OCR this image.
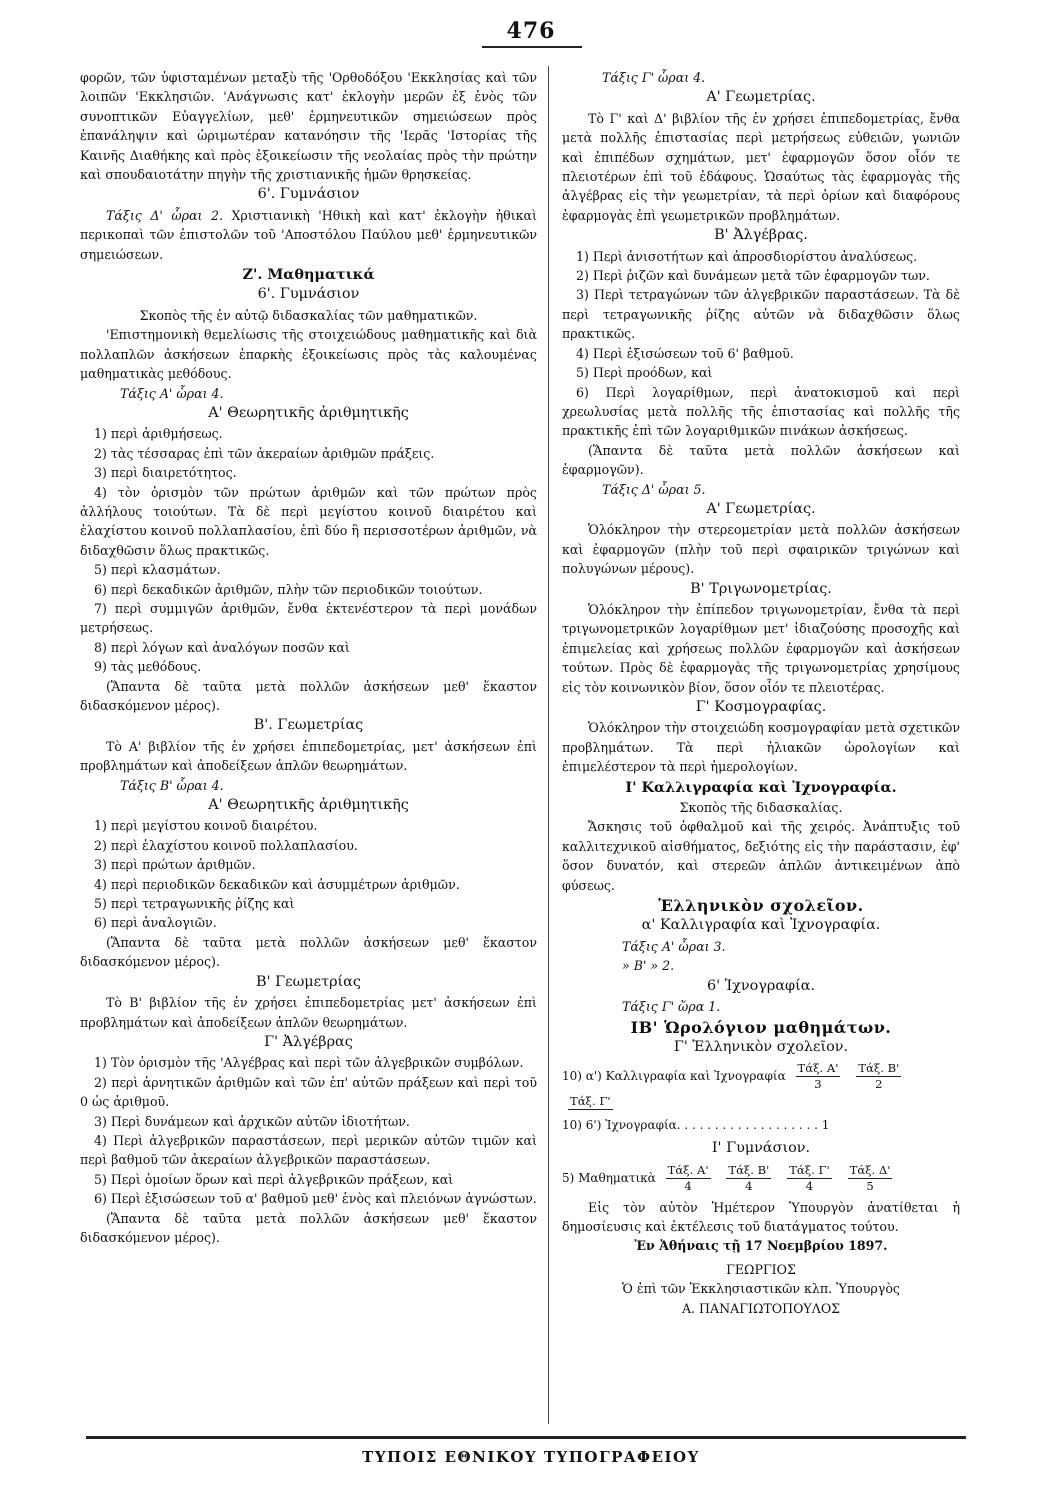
476

φορῶν, τῶν ὑφισταμένων μεταξὺ τῆς 'Ορθοδόξου 'Εκκλησίας καὶ τῶν λοιπῶν 'Εκκλησιῶν. 'Ανάγνωσις κατ' ἐκλογὴν μερῶν ἐξ ἑνὸς τῶν συνοπτικῶν Εὐαγγελίων, μεθ' ἑρμηνευτικῶν σημειώσεων πρὸς ἐπανάληψιν καὶ ὡριμωτέραν κατανόησιν τῆς 'Ιερᾶς 'Ιστορίας τῆς Καινῆς Διαθήκης καὶ πρὸς ἐξοικείωσιν τῆς νεολαίας πρὸς τὴν πρώτην καὶ σπουδαιοτάτην πηγὴν τῆς χριστιανικῆς ἡμῶν θρησκείας.

6'. Γυμνάσιον

Τάξις Δ' ὧραι 2. Χριστιανικὴ 'Ηθικὴ καὶ κατ' ἐκλογὴν ἠθικαὶ περικοπαὶ τῶν ἐπιστολῶν τοῦ 'Αποστόλου Παύλου μεθ' ἑρμηνευτικῶν σημειώσεων.

Ζ'. Μαθηματικά
6'. Γυμνάσιον

Σκοπὸς τῆς ἐν αὐτῷ διδασκαλίας τῶν μαθηματικῶν.

'Επιστημονικὴ θεμελίωσις τῆς στοιχειώδους μαθηματικῆς καὶ διὰ πολλαπλῶν ἀσκήσεων ἐπαρκὴς ἐξοικείωσις πρὸς τὰς καλουμένας μαθηματικὰς μεθόδους.

Τάξις Α' ὧραι 4.

Α' Θεωρητικῆς ἀριθμητικῆς

1) περὶ ἀριθμήσεως.

2) τὰς τέσσαρας ἐπὶ τῶν ἀκεραίων ἀριθμῶν πράξεις.

3) περὶ διαιρετότητος.

4) τὸν ὁρισμὸν τῶν πρώτων ἀριθμῶν καὶ τῶν πρώτων πρὸς ἀλλήλους τοιούτων. Τὰ δὲ περὶ μεγίστου κοινοῦ διαιρέτου καὶ ἐλαχίστου κοινοῦ πολλαπλασίου, ἐπὶ δύο ἢ περισσοτέρων ἀριθμῶν, νὰ διδαχθῶσιν ὅλως πρακτικῶς.

5) περὶ κλασμάτων.

6) περὶ δεκαδικῶν ἀριθμῶν, πλὴν τῶν περιοδικῶν τοιούτων.

7) περὶ συμμιγῶν ἀριθμῶν, ἔνθα ἐκτενέστερον τὰ περὶ μονάδων μετρήσεως.

8) περὶ λόγων καὶ ἀναλόγων ποσῶν καὶ

9) τὰς μεθόδους.

(Ἅπαντα δὲ ταῦτα μετὰ πολλῶν ἀσκήσεων μεθ' ἕκαστον διδασκόμενον μέρος).

Β'. Γεωμετρίας

Τὸ Α' βιβλίον τῆς ἐν χρήσει ἐπιπεδομετρίας, μετ' ἀσκήσεων ἐπὶ προβλημάτων καὶ ἀποδείξεων ἁπλῶν θεωρημάτων.

Τάξις Β' ὧραι 4.

Α' Θεωρητικῆς ἀριθμητικῆς

1) περὶ μεγίστου κοινοῦ διαιρέτου.

2) περὶ ἐλαχίστου κοινοῦ πολλαπλασίου.

3) περὶ πρώτων ἀριθμῶν.

4) περὶ περιοδικῶν δεκαδικῶν καὶ ἀσυμμέτρων ἀριθμῶν.

5) περὶ τετραγωνικῆς ῥίζης καὶ

6) περὶ ἀναλογιῶν.

(Ἅπαντα δὲ ταῦτα μετὰ πολλῶν ἀσκήσεων μεθ' ἕκαστον διδασκόμενον μέρος).

Β' Γεωμετρίας

Τὸ Β' βιβλίον τῆς ἐν χρήσει ἐπιπεδομετρίας μετ' ἀσκήσεων ἐπὶ προβλημάτων καὶ ἀποδείξεων ἁπλῶν θεωρημάτων.

Γ' Ἀλγέβρας

1) Τὸν ὁρισμὸν τῆς 'Αλγέβρας καὶ περὶ τῶν ἀλγεβρικῶν συμβόλων.

2) περὶ ἀρνητικῶν ἀριθμῶν καὶ τῶν ἐπ' αὐτῶν πράξεων καὶ περὶ τοῦ 0 ὡς ἀριθμοῦ.

3) Περὶ δυνάμεων καὶ ἀρχικῶν αὐτῶν ἰδιοτήτων.

4) Περὶ ἀλγεβρικῶν παραστάσεων, περὶ μερικῶν αὐτῶν τιμῶν καὶ περὶ βαθμοῦ τῶν ἀκεραίων ἀλγεβρικῶν παραστάσεων.

5) Περὶ ὁμοίων ὅρων καὶ περὶ ἀλγεβρικῶν πράξεων, καὶ

6) Περὶ ἐξισώσεων τοῦ α' βαθμοῦ μεθ' ἑνὸς καὶ πλειόνων ἀγνώστων.

(Ἅπαντα δὲ ταῦτα μετὰ πολλῶν ἀσκήσεων μεθ' ἕκαστον διδασκόμενον μέρος).

Τάξις Γ' ὧραι 4.

Α' Γεωμετρίας.

Τὸ Γ' καὶ Δ' βιβλίον τῆς ἐν χρήσει ἐπιπεδομετρίας, ἔνθα μετὰ πολλῆς ἐπιστασίας περὶ μετρήσεως εὐθειῶν, γωνιῶν καὶ ἐπιπέδων σχημάτων, μετ' ἐφαρμογῶν ὅσον οἷόν τε πλειοτέρων ἐπὶ τοῦ ἐδάφους. Ὡσαύτως τὰς ἐφαρμογὰς τῆς ἀλγέβρας εἰς τὴν γεωμετρίαν, τὰ περὶ ὁρίων καὶ διαφόρους ἐφαρμογὰς ἐπὶ γεωμετρικῶν προβλημάτων.

Β' Ἀλγέβρας.

1) Περὶ ἀνισοτήτων καὶ ἀπροσδιορίστου ἀναλύσεως.

2) Περὶ ῥιζῶν καὶ δυνάμεων μετὰ τῶν ἐφαρμογῶν των.

3) Περὶ τετραγώνων τῶν ἀλγεβρικῶν παραστάσεων. Τὰ δὲ περὶ τετραγωνικῆς ῥίζης αὐτῶν νὰ διδαχθῶσιν ὅλως πρακτικῶς.

4) Περὶ ἐξισώσεων τοῦ 6' βαθμοῦ.

5) Περὶ προόδων, καὶ

6) Περὶ λογαρίθμων, περὶ ἀνατοκισμοῦ καὶ περὶ χρεωλυσίας μετὰ πολλῆς τῆς ἐπιστασίας καὶ πολλῆς τῆς πρακτικῆς ἐπὶ τῶν λογαριθμικῶν πινάκων ἀσκήσεως.

(Ἅπαντα δὲ ταῦτα μετὰ πολλῶν ἀσκήσεων καὶ ἐφαρμογῶν).

Τάξις Δ' ὧραι 5.

Α' Γεωμετρίας.

Ὁλόκληρον τὴν στερεομετρίαν μετὰ πολλῶν ἀσκήσεων καὶ ἐφαρμογῶν (πλὴν τοῦ περὶ σφαιρικῶν τριγώνων καὶ πολυγώνων μέρους).

Β' Τριγωνομετρίας.

Ὁλόκληρον τὴν ἐπίπεδον τριγωνομετρίαν, ἔνθα τὰ περὶ τριγωνομετρικῶν λογαρίθμων μετ' ἰδιαζούσης προσοχῆς καὶ ἐπιμελείας καὶ χρήσεως πολλῶν ἐφαρμογῶν καὶ ἀσκήσεων τούτων. Πρὸς δὲ ἐφαρμογὰς τῆς τριγωνομετρίας χρησίμους εἰς τὸν κοινωνικὸν βίον, ὅσον οἷόν τε πλειοτέρας.

Γ' Κοσμογραφίας.

Ὁλόκληρον τὴν στοιχειώδη κοσμογραφίαν μετὰ σχετικῶν προβλημάτων. Τὰ περὶ ἡλιακῶν ὡρολογίων καὶ ἐπιμελέστερον τὰ περὶ ἡμερολογίων.

Ι' Καλλιγραφία καὶ Ἰχνογραφία.

Σκοπὸς τῆς διδασκαλίας.

Ἄσκησις τοῦ ὀφθαλμοῦ καὶ τῆς χειρός. Ἀνάπτυξις τοῦ καλλιτεχνικοῦ αἰσθήματος, δεξιότης εἰς τὴν παράστασιν, ἐφ' ὅσον δυνατόν, καὶ στερεῶν ἁπλῶν ἀντικειμένων ἀπὸ φύσεως.

Ἑλληνικὸν σχολεῖον.
α' Καλλιγραφία καὶ Ἰχνογραφία.

Τάξις Α' ὧραι 3.

» Β' » 2.

6' Ἰχνογραφία.

Τάξις Γ' ὥρα 1.

ΙΒ' Ὡρολόγιον μαθημάτων.
Γ' Ἑλληνικὸν σχολεῖον.
10) α') Καλλιγραφία καὶ Ἰχνογραφία $\frac{\text{Τάξ. Α'}}{3}$
$\frac{\text{Τάξ. Β'}}{2}$

Τάξ. Γ'
10) 6') Ἰχνογραφία. . . . . . . . . . . . . . . . . . . 1
Ι' Γυμνάσιον.
5) Μαθηματικὰ $\frac{\text{Τάξ. Α'}}{4}$
$\frac{\text{Τάξ. Β'}}{4}$
$\frac{\text{Τάξ. Γ'}}{4}$
$\frac{\text{Τάξ. Δ'}}{5}$

Εἰς τὸν αὐτὸν Ἡμέτερον Ὑπουργὸν ἀνατίθεται ἡ δημοσίευσις καὶ ἐκτέλεσις τοῦ διατάγματος τούτου.

Ἐν Ἀθήναις τῇ 17 Νοεμβρίου 1897.

ΓΕΩΡΓΙΟΣ

Ὁ ἐπὶ τῶν Ἐκκλησιαστικῶν κλπ. Ὑπουργὸς

Α. ΠΑΝΑΓΙΩΤΟΠΟΥΛΟΣ

ΤΥΠΟΙΣ ΕΘΝΙΚΟΥ ΤΥΠΟΓΡΑΦΕΙΟΥ
